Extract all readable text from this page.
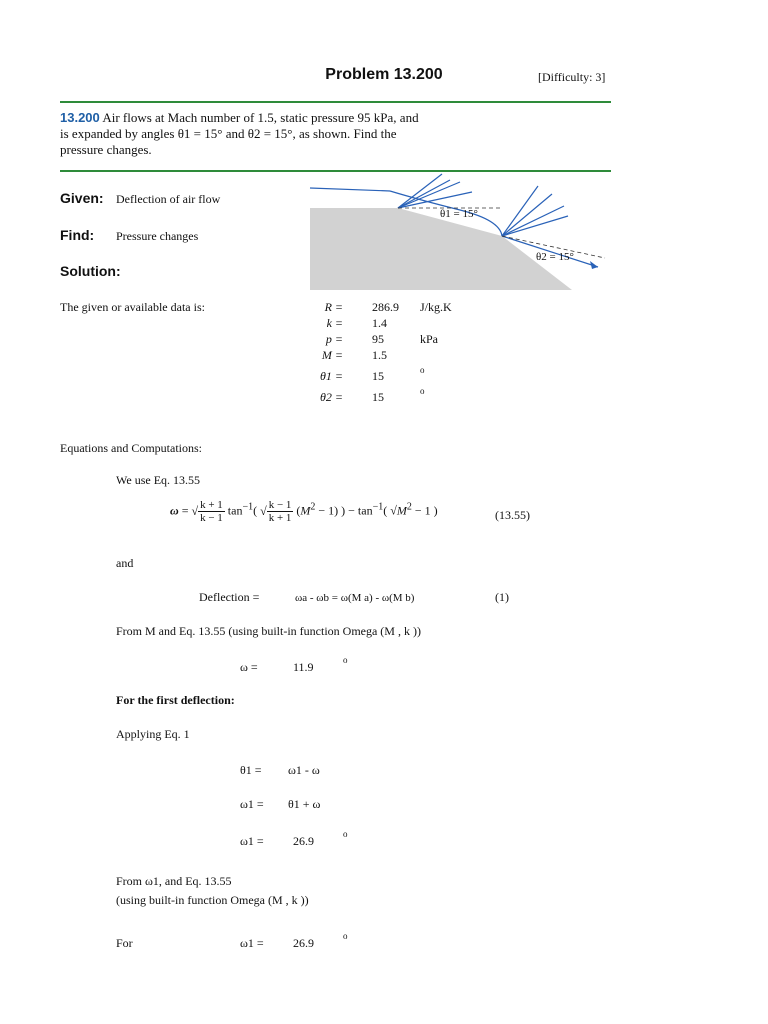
Problem 13.200	[Difficulty: 3]
13.200 Air flows at Mach number of 1.5, static pressure 95 kPa, and is expanded by angles θ1 = 15° and θ2 = 15°, as shown. Find the pressure changes.
Given: Deflection of air flow
Find: Pressure changes
Solution:
θ1 = 15°
θ2 = 15°
The given or available data is:	R = 286.9 J/kg.K
k = 1.4
p = 95	kPa
M = 1.5
θ1 = 15	o
θ2 = 15	o
Equations and Computations:
We use Eq. 13.55
ω = √ $\frac{k + 1}{k - 1} \tan^{-1}$( √ $\frac{k - 1}{k + 1} (M^2 - 1)$ ) − $\tan^{-1}$( $√M^2 - 1$ )	(13.55)
and
Deflection =	ωa - ωb = ω(M a) - ω(M b)	(1)
From M and Eq. 13.55 (using built-in function Omega (M , k ))
ω =	11.9	o
For the first deflection:
Applying Eq. 1
θ1 = ω1 - ω
ω1 = θ1 + ω
ω1 = 26.9	o
From ω1, and Eq. 13.55
(using built-in function Omega (M , k ))
For	ω1 = 26.9	o
